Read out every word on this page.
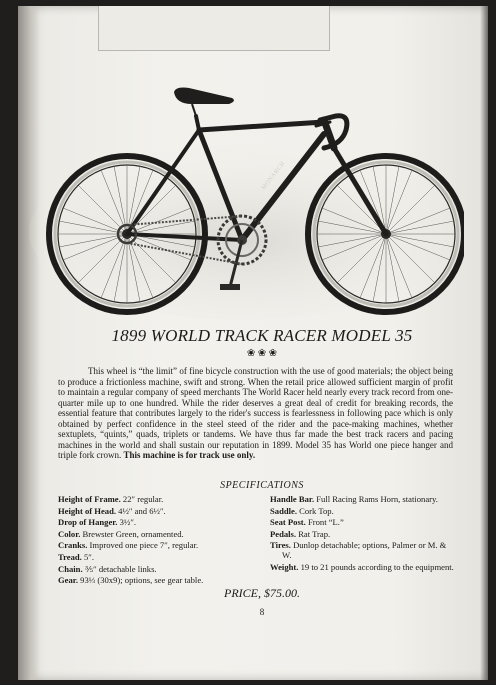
MONARCH
1899 WORLD TRACK RACER MODEL 35
❀ ❀ ❀

This wheel is “the limit” of fine bicycle construction with the use of good materials; the object being to produce a frictionless machine, swift and strong. When the retail price allowed sufficient margin of profit to maintain a regular company of speed merchants The World Racer held nearly every track record from one-quarter mile up to one hundred. While the rider deserves a great deal of credit for breaking records, the essential feature that contributes largely to the rider's success is fearlessness in following pace which is only obtained by perfect confidence in the steel steed of the rider and the pace-making machines, whether sextuplets, “quints,” quads, triplets or tandems. We have thus far made the best track racers and pacing machines in the world and shall sustain our reputation in 1899. Model 35 has World one piece hanger and triple fork crown. This machine is for track use only.

SPECIFICATIONS

Height of Frame. 22″ regular.

Height of Head. 4½″ and 6½″.

Drop of Hanger. 3½″.

Color. Brewster Green, ornamented.

Cranks. Improved one piece 7″, regular.

Tread. 5″.

Chain. ⅗″ detachable links.

Gear. 93⅓ (30x9); options, see gear table.

Handle Bar. Full Racing Rams Horn, stationary.

Saddle. Cork Top.

Seat Post. Front “L.”

Pedals. Rat Trap.

Tires. Dunlop detachable; options, Palmer or M. & W.

Weight. 19 to 21 pounds according to the equipment.

PRICE, $75.00.
8
